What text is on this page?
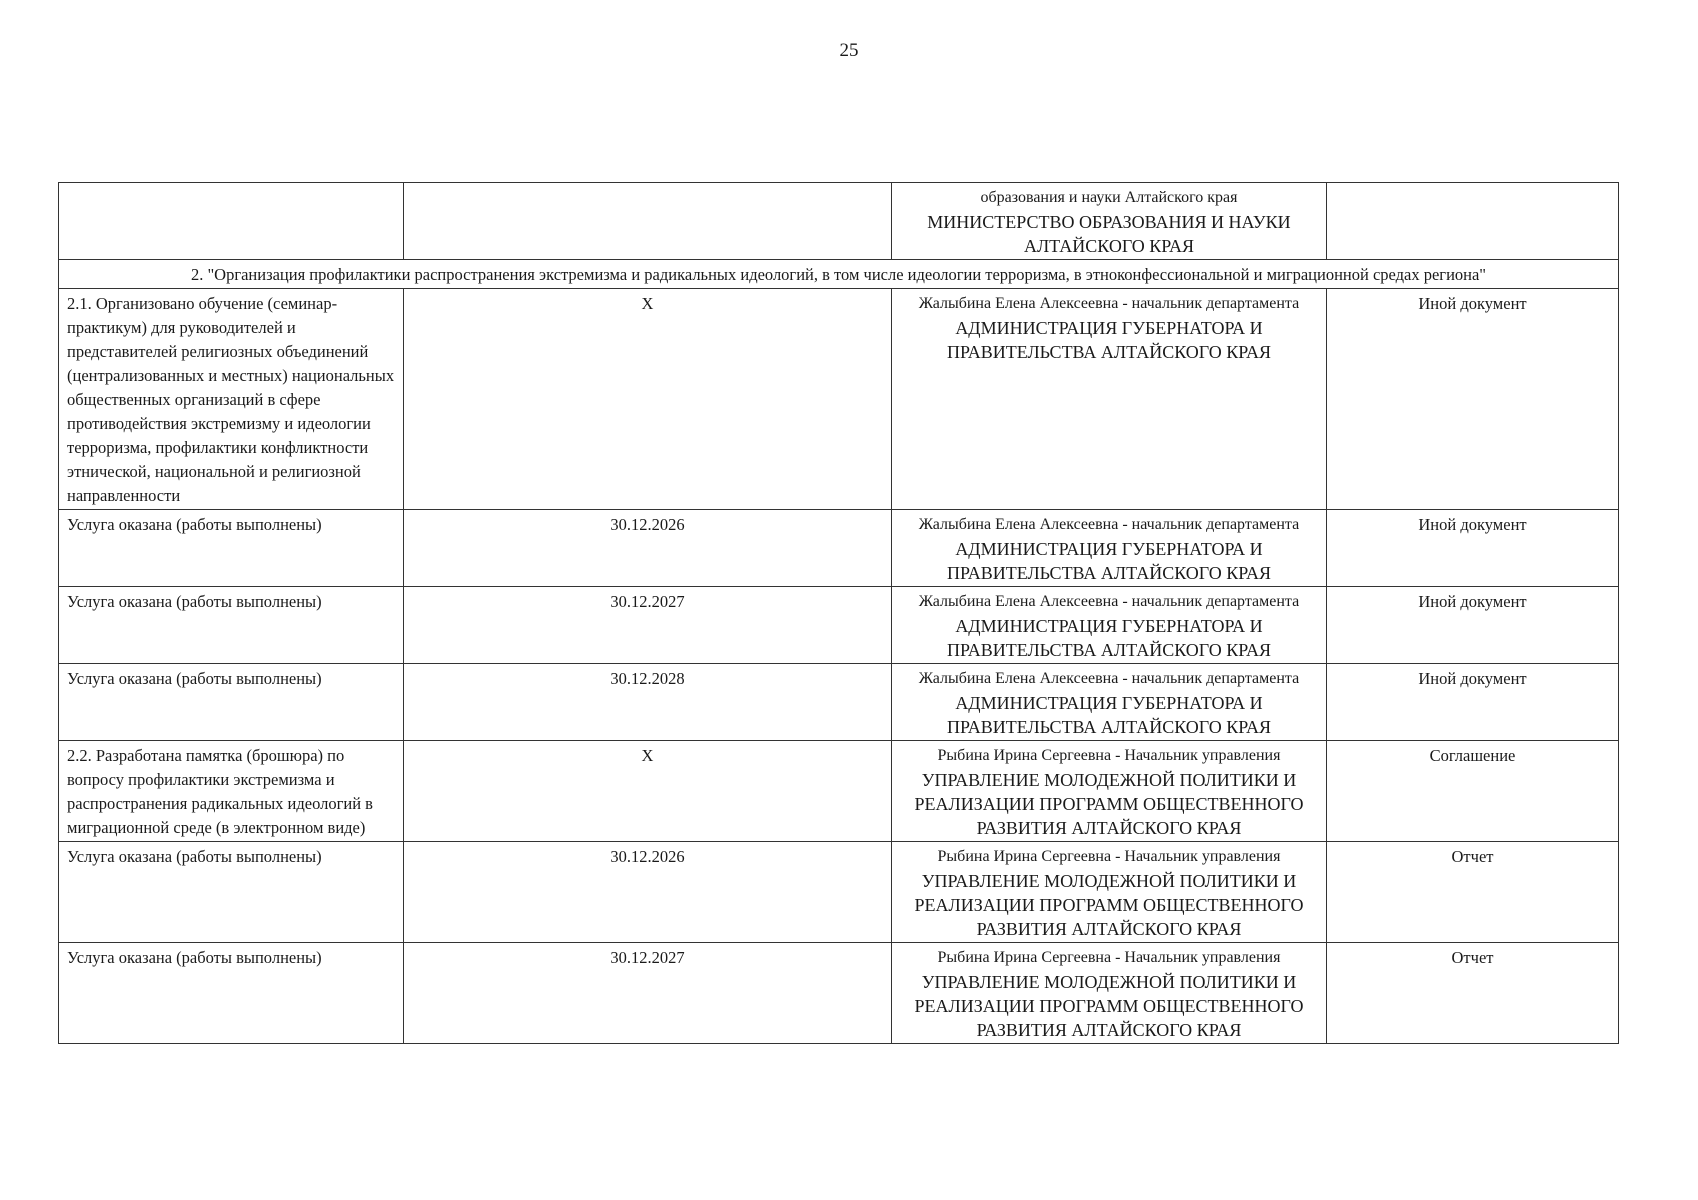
25

		образования и науки Алтайского края
МИНИСТЕРСТВО ОБРАЗОВАНИЯ И НАУКИ АЛТАЙСКОГО КРАЯ	

2. "Организация профилактики распространения экстремизма и радикальных идеологий, в том числе идеологии терроризма, в этноконфессиональной и миграционной средах региона"			

2.1. Организовано обучение (семинар-практикум) для руководителей и представителей религиозных объединений (централизованных и местных) национальных общественных организаций в сфере противодействия экстремизму и идеологии терроризма, профилактики конфликтности этнической, национальной и религиозной направленности	X	Жалыбина Елена Алексеевна - начальник департамента
АДМИНИСТРАЦИЯ ГУБЕРНАТОРА И ПРАВИТЕЛЬСТВА АЛТАЙСКОГО КРАЯ	Иной документ

Услуга оказана (работы выполнены)	30.12.2026	Жалыбина Елена Алексеевна - начальник департамента
АДМИНИСТРАЦИЯ ГУБЕРНАТОРА И ПРАВИТЕЛЬСТВА АЛТАЙСКОГО КРАЯ	Иной документ

Услуга оказана (работы выполнены)	30.12.2027	Жалыбина Елена Алексеевна - начальник департамента
АДМИНИСТРАЦИЯ ГУБЕРНАТОРА И ПРАВИТЕЛЬСТВА АЛТАЙСКОГО КРАЯ	Иной документ

Услуга оказана (работы выполнены)	30.12.2028	Жалыбина Елена Алексеевна - начальник департамента
АДМИНИСТРАЦИЯ ГУБЕРНАТОРА И ПРАВИТЕЛЬСТВА АЛТАЙСКОГО КРАЯ	Иной документ

2.2. Разработана памятка (брошюра) по вопросу профилактики экстремизма и распространения радикальных идеологий в миграционной среде (в электронном виде)	X	Рыбина Ирина Сергеевна - Начальник управления
УПРАВЛЕНИЕ МОЛОДЕЖНОЙ ПОЛИТИКИ И РЕАЛИЗАЦИИ ПРОГРАММ ОБЩЕСТВЕННОГО РАЗВИТИЯ АЛТАЙСКОГО КРАЯ	Соглашение

Услуга оказана (работы выполнены)	30.12.2026	Рыбина Ирина Сергеевна - Начальник управления
УПРАВЛЕНИЕ МОЛОДЕЖНОЙ ПОЛИТИКИ И РЕАЛИЗАЦИИ ПРОГРАММ ОБЩЕСТВЕННОГО РАЗВИТИЯ АЛТАЙСКОГО КРАЯ	Отчет

Услуга оказана (работы выполнены)	30.12.2027	Рыбина Ирина Сергеевна - Начальник управления
УПРАВЛЕНИЕ МОЛОДЕЖНОЙ ПОЛИТИКИ И РЕАЛИЗАЦИИ ПРОГРАММ ОБЩЕСТВЕННОГО РАЗВИТИЯ АЛТАЙСКОГО КРАЯ	Отчет
